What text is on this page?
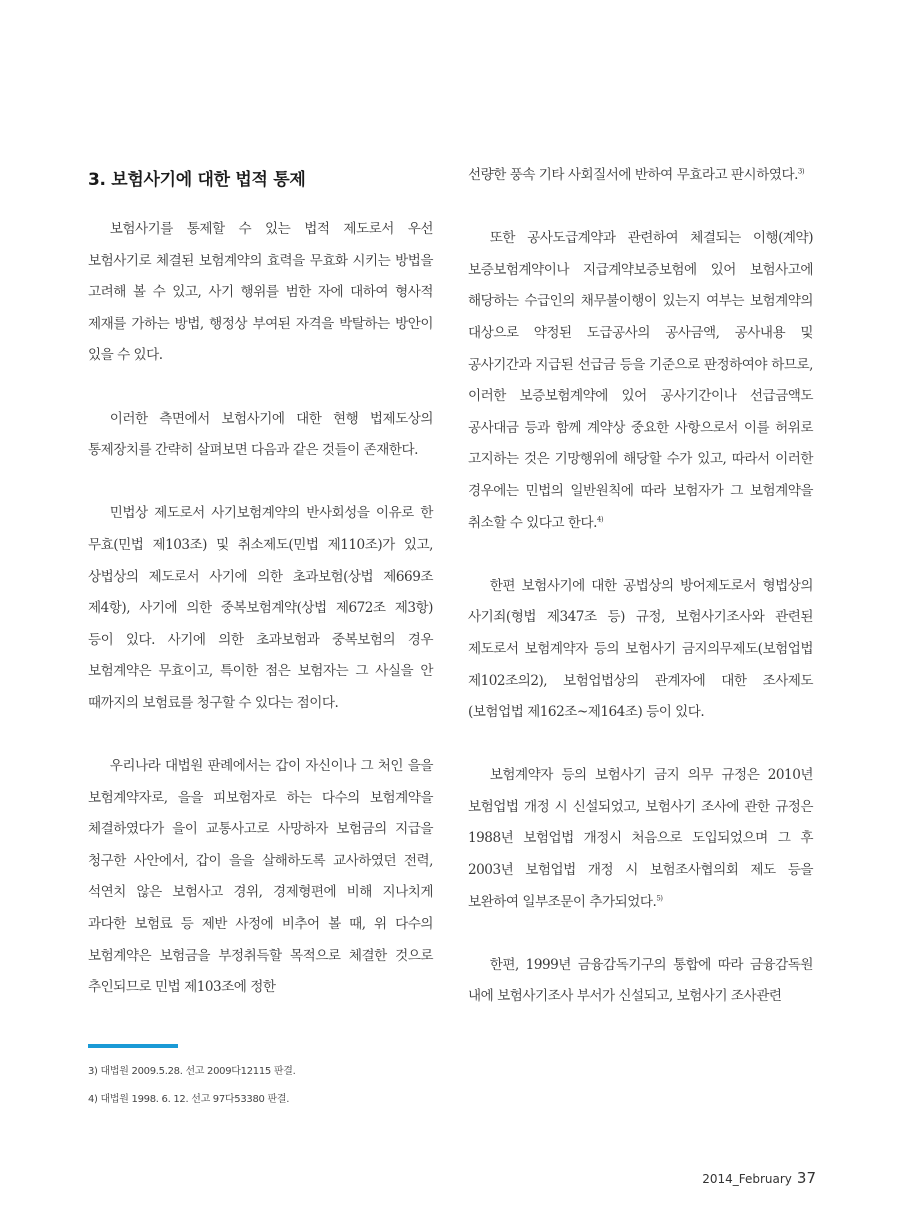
3. 보험사기에 대한 법적 통제

보험사기를 통제할 수 있는 법적 제도로서 우선 보험사기로 체결된 보험계약의 효력을 무효화 시키는 방법을 고려해 볼 수 있고, 사기 행위를 범한 자에 대하여 형사적 제재를 가하는 방법, 행정상 부여된 자격을 박탈하는 방안이 있을 수 있다.

이러한 측면에서 보험사기에 대한 현행 법제도상의 통제장치를 간략히 살펴보면 다음과 같은 것들이 존재한다.

민법상 제도로서 사기보험계약의 반사회성을 이유로 한 무효(민법 제103조) 및 취소제도(민법 제110조)가 있고, 상법상의 제도로서 사기에 의한 초과보험(상법 제669조 제4항), 사기에 의한 중복보험계약(상법 제672조 제3항) 등이 있다. 사기에 의한 초과보험과 중복보험의 경우 보험계약은 무효이고, 특이한 점은 보험자는 그 사실을 안 때까지의 보험료를 청구할 수 있다는 점이다.

우리나라 대법원 판례에서는 갑이 자신이나 그 처인 을을 보험계약자로, 을을 피보험자로 하는 다수의 보험계약을 체결하였다가 을이 교통사고로 사망하자 보험금의 지급을 청구한 사안에서, 갑이 을을 살해하도록 교사하였던 전력, 석연치 않은 보험사고 경위, 경제형편에 비해 지나치게 과다한 보험료 등 제반 사정에 비추어 볼 때, 위 다수의 보험계약은 보험금을 부정취득할 목적으로 체결한 것으로 추인되므로 민법 제103조에 정한

선량한 풍속 기타 사회질서에 반하여 무효라고 판시하였다.$^{3)}$

또한 공사도급계약과 관련하여 체결되는 이행(계약)보증보험계약이나 지급계약보증보험에 있어 보험사고에 해당하는 수급인의 채무불이행이 있는지 여부는 보험계약의 대상으로 약정된 도급공사의 공사금액, 공사내용 및 공사기간과 지급된 선급금 등을 기준으로 판정하여야 하므로, 이러한 보증보험계약에 있어 공사기간이나 선급금액도 공사대금 등과 함께 계약상 중요한 사항으로서 이를 허위로 고지하는 것은 기망행위에 해당할 수가 있고, 따라서 이러한 경우에는 민법의 일반원칙에 따라 보험자가 그 보험계약을 취소할 수 있다고 한다.$^{4)}$

한편 보험사기에 대한 공법상의 방어제도로서 형법상의 사기죄(형법 제347조 등) 규정, 보험사기조사와 관련된 제도로서 보험계약자 등의 보험사기 금지의무제도(보험업법 제102조의2), 보험업법상의 관계자에 대한 조사제도(보험업법 제162조~제164조) 등이 있다.

보험계약자 등의 보험사기 금지 의무 규정은 2010년 보험업법 개정 시 신설되었고, 보험사기 조사에 관한 규정은 1988년 보험업법 개정시 처음으로 도입되었으며 그 후 2003년 보험업법 개정 시 보험조사협의회 제도 등을 보완하여 일부조문이 추가되었다.$^{5)}$

한편, 1999년 금융감독기구의 통합에 따라 금융감독원 내에 보험사기조사 부서가 신설되고, 보험사기 조사관련

3) 대법원 2009.5.28. 선고 2009다12115 판결.

4) 대법원 1998. 6. 12. 선고 97다53380 판결.

2014_February 37
